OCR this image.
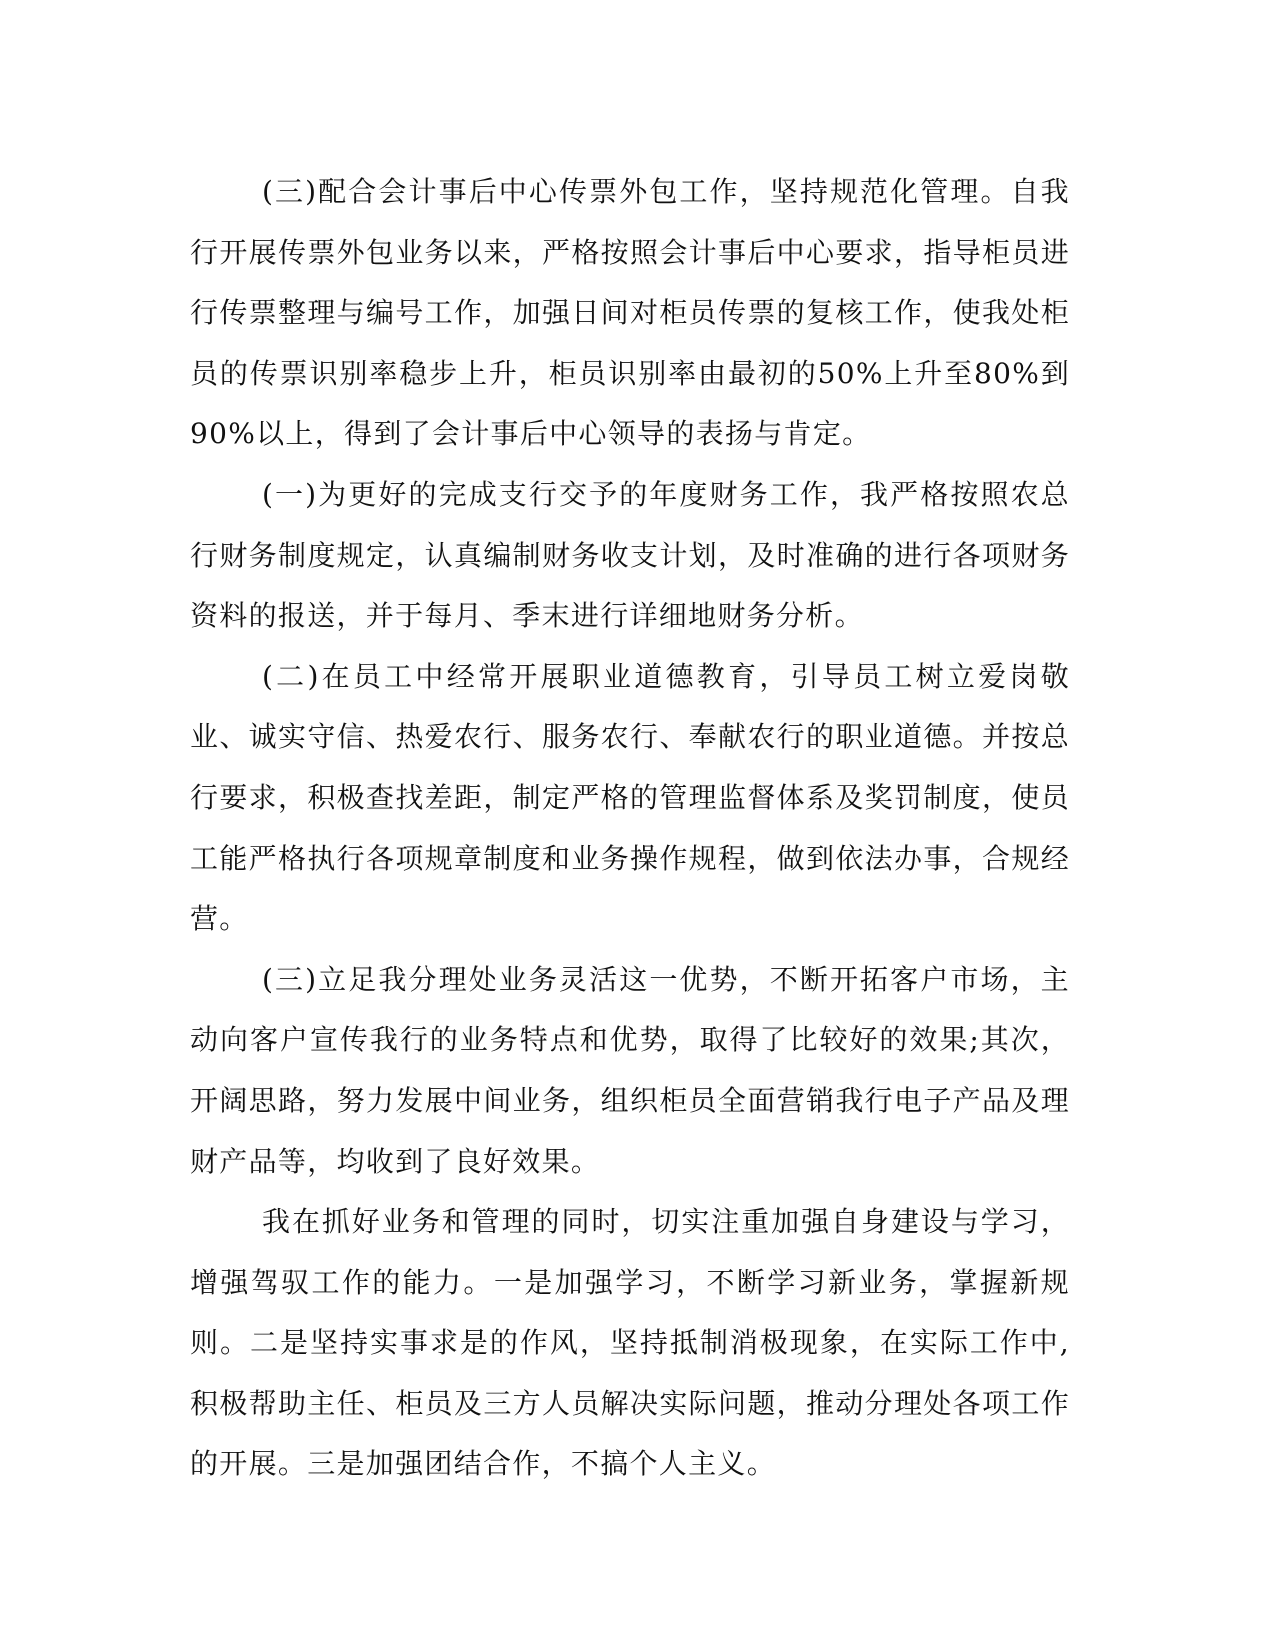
(三)配合会计事后中心传票外包工作，坚持规范化管理。自我行开展传票外包业务以来，严格按照会计事后中心要求，指导柜员进行传票整理与编号工作，加强日间对柜员传票的复核工作，使我处柜员的传票识别率稳步上升，柜员识别率由最初的50%上升至80%到90%以上，得到了会计事后中心领导的表扬与肯定。

(一)为更好的完成支行交予的年度财务工作，我严格按照农总行财务制度规定，认真编制财务收支计划，及时准确的进行各项财务资料的报送，并于每月、季末进行详细地财务分析。

(二)在员工中经常开展职业道德教育，引导员工树立爱岗敬业、诚实守信、热爱农行、服务农行、奉献农行的职业道德。并按总行要求，积极查找差距，制定严格的管理监督体系及奖罚制度，使员工能严格执行各项规章制度和业务操作规程，做到依法办事，合规经营。

(三)立足我分理处业务灵活这一优势，不断开拓客户市场，主动向客户宣传我行的业务特点和优势，取得了比较好的效果;其次，开阔思路，努力发展中间业务，组织柜员全面营销我行电子产品及理财产品等，均收到了良好效果。

我在抓好业务和管理的同时，切实注重加强自身建设与学习，增强驾驭工作的能力。一是加强学习，不断学习新业务，掌握新规则。二是坚持实事求是的作风，坚持抵制消极现象，在实际工作中,积极帮助主任、柜员及三方人员解决实际问题，推动分理处各项工作的开展。三是加强团结合作，不搞个人主义。
